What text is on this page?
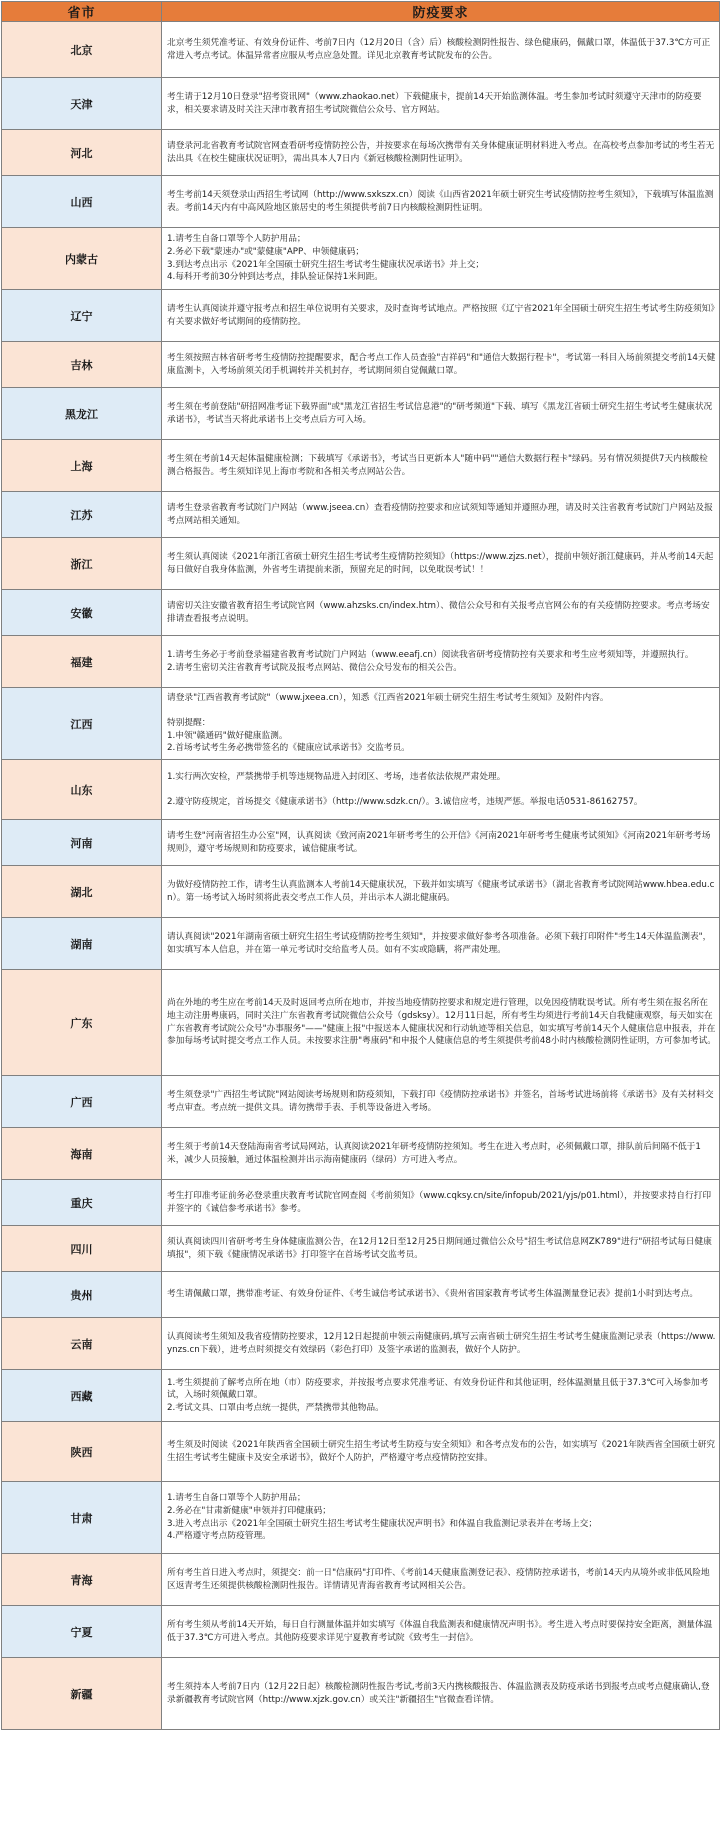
省市	防疫要求
北京	北京考生须凭准考证、有效身份证件、考前7日内（12月20日（含）后）核酸检测阴性报告、绿色健康码，佩戴口罩，体温低于37.3℃方可正常进入考点考试。体温异常者应服从考点应急处置。详见北京教育考试院发布的公告。
天津	考生请于12月10日登录"招考资讯网"（www.zhaokao.net）下载健康卡，提前14天开始监测体温。考生参加考试时须遵守天津市的防疫要求，相关要求请及时关注天津市教育招生考试院微信公众号、官方网站。
河北	请登录河北省教育考试院官网查看研考疫情防控公告，并按要求在每场次携带有关身体健康证明材料进入考点。在高校考点参加考试的考生若无法出具《在校生健康状况证明》，需出具本人7日内《新冠核酸检测阴性证明》。
山西	考生考前14天须登录山西招生考试网（http://www.sxkszx.cn）阅读《山西省2021年硕士研究生考试疫情防控考生须知》，下载填写体温监测表。考前14天内有中高风险地区旅居史的考生须提供考前7日内核酸检测阴性证明。
内蒙古	1.请考生自备口罩等个人防护用品；
2.务必下载"蒙速办"或"蒙健康"APP、申领健康码；
3.到达考点出示《2021年全国硕士研究生招生考试考生健康状况承诺书》并上交；
4.每科开考前30分钟到达考点，排队验证保持1米间距。
辽宁	请考生认真阅读并遵守报考点和招生单位说明有关要求，及时查询考试地点。严格按照《辽宁省2021年全国硕士研究生招生考试考生防疫须知》有关要求做好考试期间的疫情防控。
吉林	考生须按照吉林省研考考生疫情防控提醒要求，配合考点工作人员查验"吉祥码"和"通信大数据行程卡"，考试第一科目入场前须提交考前14天健康监测卡，入考场前须关闭手机调转并关机封存，考试期间须自觉佩戴口罩。
黑龙江	考生须在考前登陆"研招网准考证下载界面"或"黑龙江省招生考试信息港"的"研考频道"下载、填写《黑龙江省硕士研究生招生考试考生健康状况承诺书》，考试当天将此承诺书上交考点后方可入场。
上海	考生须在考前14天起体温健康检测；下载填写《承诺书》，考试当日更新本人"随申码""通信大数据行程卡"绿码。另有情况须提供7天内核酸检测合格报告。考生须知详见上海市考院和各相关考点网站公告。
江苏	请考生登录省教育考试院门户网站（www.jseea.cn）查看疫情防控要求和应试须知等通知并遵照办理，请及时关注省教育考试院门户网站及报考点网站相关通知。
浙江	考生须认真阅读《2021年浙江省硕士研究生招生考试考生疫情防控须知》（https://www.zjzs.net），提前申领好浙江健康码，并从考前14天起每日做好自我身体监测，外省考生请提前来浙，预留充足的时间，以免耽误考试！！
安徽	请密切关注安徽省教育招生考试院官网（www.ahzsks.cn/index.htm）、微信公众号和有关报考点官网公布的有关疫情防控要求。考点考场安排请查看报考点说明。
福建	1.请考生务必于考前登录福建省教育考试院门户网站（www.eeafj.cn）阅读我省研考疫情防控有关要求和考生应考须知等，并遵照执行。
2.请考生密切关注省教育考试院及报考点网站、微信公众号发布的相关公告。
江西	请登录"江西省教育考试院"（www.jxeea.cn），知悉《江西省2021年硕士研究生招生考试考生须知》及附件内容。

特别提醒：
1.申领"赣通码"做好健康监测。
2.首场考试考生务必携带签名的《健康应试承诺书》交监考员。
山东	1.实行两次安检，严禁携带手机等违规物品进入封闭区、考场，违者依法依规严肃处理。

2.遵守防疫规定，首场提交《健康承诺书》（http://www.sdzk.cn/）。3.诚信应考，违规严惩。举报电话0531-86162757。
河南	请考生登"河南省招生办公室"网，认真阅读《致河南2021年研考考生的公开信》《河南2021年研考考生健康考试须知》《河南2021年研考考场规则》，遵守考场规则和防疫要求，诚信健康考试。
湖北	为做好疫情防控工作，请考生认真监测本人考前14天健康状况，下载并如实填写《健康考试承诺书》（湖北省教育考试院网站www.hbea.edu.cn）。第一场考试入场时须将此表交考点工作人员，并出示本人湖北健康码。
湖南	请认真阅读"2021年湖南省硕士研究生招生考试疫情防控考生须知"，并按要求做好参考各项准备。必须下载打印附件"考生14天体温监测表"，如实填写本人信息，并在第一单元考试时交给监考人员。如有不实或隐瞒，将严肃处理。
广东	尚在外地的考生应在考前14天及时返回考点所在地市，并按当地疫情防控要求和规定进行管理，以免因疫情耽误考试。所有考生须在报名所在地主动注册粤康码，同时关注广东省教育考试院微信公众号（gdsksy）。12月11日起，所有考生均须进行考前14天自我健康观察，每天如实在广东省教育考试院公众号"办事服务"——"健康上报"中报送本人健康状况和行动轨迹等相关信息，如实填写考前14天个人健康信息申报表，并在参加每场考试时提交考点工作人员。未按要求注册"粤康码"和申报个人健康信息的考生须提供考前48小时内核酸检测阴性证明，方可参加考试。
广西	考生须登录"广西招生考试院"网站阅读考场规则和防疫须知，下载打印《疫情防控承诺书》并签名，首场考试进场前将《承诺书》及有关材料交考点审查。考点统一提供文具。请勿携带手表、手机等设备进入考场。
海南	考生须于考前14天登陆海南省考试局网站，认真阅读2021年研考疫情防控须知。考生在进入考点时，必须佩戴口罩，排队前后间隔不低于1米，减少人员接触，通过体温检测并出示海南健康码（绿码）方可进入考点。
重庆	考生打印准考证前务必登录重庆教育考试院官网查阅《考前须知》（www.cqksy.cn/site/infopub/2021/yjs/p01.html），并按要求持自行打印并签字的《诚信参考承诺书》参考。
四川	须认真阅读四川省研考考生身体健康监测公告，在12月12日至12月25日期间通过微信公众号"招生考试信息网ZK789"进行"研招考试每日健康填报"，须下载《健康情况承诺书》打印签字在首场考试交监考员。
贵州	考生请佩戴口罩，携带准考证、有效身份证件、《考生诚信考试承诺书》、《贵州省国家教育考试考生体温测量登记表》提前1小时到达考点。
云南	认真阅读考生须知及我省疫情防控要求，12月12日起提前申领云南健康码,填写云南省硕士研究生招生考试考生健康监测记录表（https://www.ynzs.cn下载），进考点时须提交有效绿码（彩色打印）及签字承诺的监测表，做好个人防护。
西藏	1.考生须提前了解考点所在地（市）防疫要求，并按报考点要求凭准考证、有效身份证件和其他证明，经体温测量且低于37.3℃可入场参加考试，入场时须佩戴口罩。
2.考试文具、口罩由考点统一提供，严禁携带其他物品。
陕西	考生须及时阅读《2021年陕西省全国硕士研究生招生考试考生防疫与安全须知》和各考点发布的公告，如实填写《2021年陕西省全国硕士研究生招生考试考生健康卡及安全承诺书》，做好个人防护，严格遵守考点疫情防控安排。
甘肃	1.请考生自备口罩等个人防护用品；
2.务必在"甘肃新健康"申领并打印健康码；
3.进入考点出示《2021年全国硕士研究生招生考试考生健康状况声明书》和体温自我监测记录表并在考场上交；
4.严格遵守考点防疫管理。
青海	所有考生首日进入考点时，须提交：前一日"信康码"打印件、《考前14天健康监测登记表》、疫情防控承诺书，考前14天内从境外或非低风险地区返青考生还须提供核酸检测阴性报告。详情请见青海省教育考试网相关公告。
宁夏	所有考生须从考前14天开始，每日自行测量体温并如实填写《体温自我监测表和健康情况声明书》。考生进入考点时要保持安全距离，测量体温低于37.3℃方可进入考点。其他防疫要求详见宁夏教育考试院《致考生一封信》。
新疆	考生须持本人考前7日内（12月22日起）核酸检测阴性报告考试,考前3天内携核酸报告、体温监测表及防疫承诺书到报考点或考点健康确认,登录新疆教育考试院官网（http://www.xjzk.gov.cn）或关注"新疆招生"官微查看详情。
